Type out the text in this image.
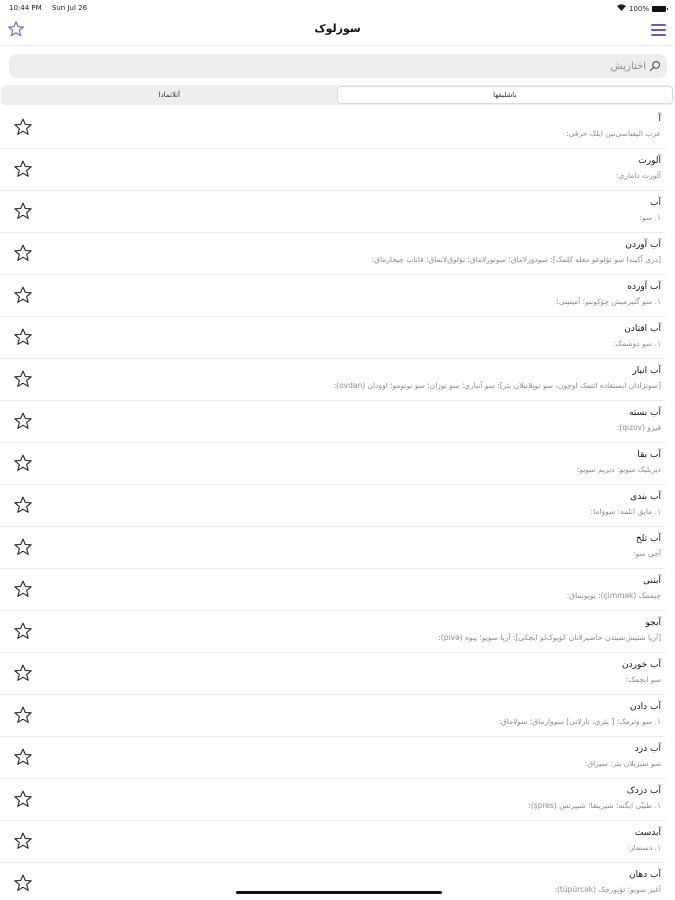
10:44 PM Sun Jul 26	100%
سوزلوک
آختاریش
آتلاتمادا	باشلیقها
آ
عرب الیفباسی‌نین ایلک حرفی:
آلورت
آلورت داماری:
آب
۱. سو:
آب آوردن
[دری آکیندا سو تؤلوغو معله کلمک]: سودورلاماق؛ سوتورلاماق؛ تؤلوق‌لانماق؛ قاناپ چیخارماق:
آب آورده
۱. سو گتیرمیش چؤکونتو؛ آمیتیتی:
آب افتادن
۱. سو دوشمک:
آب انبار
[سوتزادان ایستفاده ائتمک اوچون، سو توپلانیلان یئر]: سو آنباری؛ سو توزان؛ سو توتومو؛ اوودان (ovdan):
آب بسته
قیزو (qızov):
آب بقا
دیریلیک سویو؛ دیریم سویو:
آب بندی
۱. مایق ائلمه: سوواما:
آب تلخ
آجی سو:
آبتنی
چیممک (çimmək): یویونماق:
آبجو
[آرپا شتیش‌سیندن حاضیرلانان کؤپوک‌لو ایچکی]: آرپا سویو؛ پیوه (pivə):
آب خوردن
سو ایچمک:
آب دادن
۱. سو وئرمک؛ [ یئری، تارلانی] سووارماق؛ سولاماق:
آب دزد
سو سیزیلان یئر: سیزاق:
آب دزدک
۱. طبیّی ایگنه؛ شیرینقا؛ شیپرتس (şpres):
آبدست
۱. دستماز:
آب دهان
آغیز سویو؛ تؤپورجک (tüpürcək):
